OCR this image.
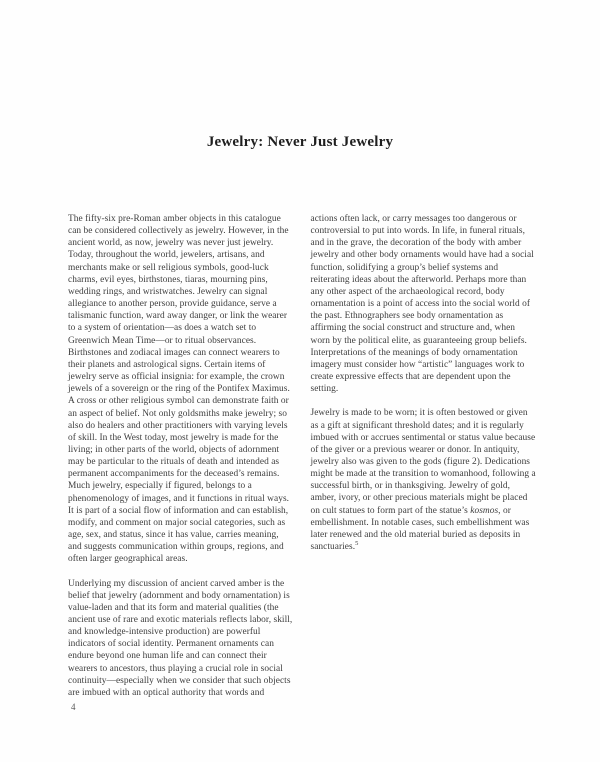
Jewelry: Never Just Jewelry

The fifty-six pre-Roman amber objects in this catalogue can be considered collectively as jewelry. However, in the ancient world, as now, jewelry was never just jewelry. Today, throughout the world, jewelers, artisans, and merchants make or sell religious symbols, good-luck charms, evil eyes, birthstones, tiaras, mourning pins, wedding rings, and wristwatches. Jewelry can signal allegiance to another person, provide guidance, serve a talismanic function, ward away danger, or link the wearer to a system of orientation—as does a watch set to Greenwich Mean Time—or to ritual observances. Birthstones and zodiacal images can connect wearers to their planets and astrological signs. Certain items of jewelry serve as official insignia: for example, the crown jewels of a sovereign or the ring of the Pontifex Maximus. A cross or other religious symbol can demonstrate faith or an aspect of belief. Not only goldsmiths make jewelry; so also do healers and other practitioners with varying levels of skill. In the West today, most jewelry is made for the living; in other parts of the world, objects of adornment may be particular to the rituals of death and intended as permanent accompaniments for the deceased’s remains. Much jewelry, especially if figured, belongs to a phenomenology of images, and it functions in ritual ways. It is part of a social flow of information and can establish, modify, and comment on major social categories, such as age, sex, and status, since it has value, carries meaning, and suggests communication within groups, regions, and often larger geographical areas.

Underlying my discussion of ancient carved amber is the belief that jewelry (adornment and body ornamentation) is value-laden and that its form and material qualities (the ancient use of rare and exotic materials reflects labor, skill, and knowledge-intensive production) are powerful indicators of social identity. Permanent ornaments can endure beyond one human life and can connect their wearers to ancestors, thus playing a crucial role in social continuity—especially when we consider that such objects are imbued with an optical authority that words and

actions often lack, or carry messages too dangerous or controversial to put into words. In life, in funeral rituals, and in the grave, the decoration of the body with amber jewelry and other body ornaments would have had a social function, solidifying a group’s belief systems and reiterating ideas about the afterworld. Perhaps more than any other aspect of the archaeological record, body ornamentation is a point of access into the social world of the past. Ethnographers see body ornamentation as affirming the social construct and structure and, when worn by the political elite, as guaranteeing group beliefs. Interpretations of the meanings of body ornamentation imagery must consider how “artistic” languages work to create expressive effects that are dependent upon the setting.

Jewelry is made to be worn; it is often bestowed or given as a gift at significant threshold dates; and it is regularly imbued with or accrues sentimental or status value because of the giver or a previous wearer or donor. In antiquity, jewelry also was given to the gods (figure 2). Dedications might be made at the transition to womanhood, following a successful birth, or in thanksgiving. Jewelry of gold, amber, ivory, or other precious materials might be placed on cult statues to form part of the statue’s kosmos, or embellishment. In notable cases, such embellishment was later renewed and the old material buried as deposits in sanctuaries.$^5$

4
